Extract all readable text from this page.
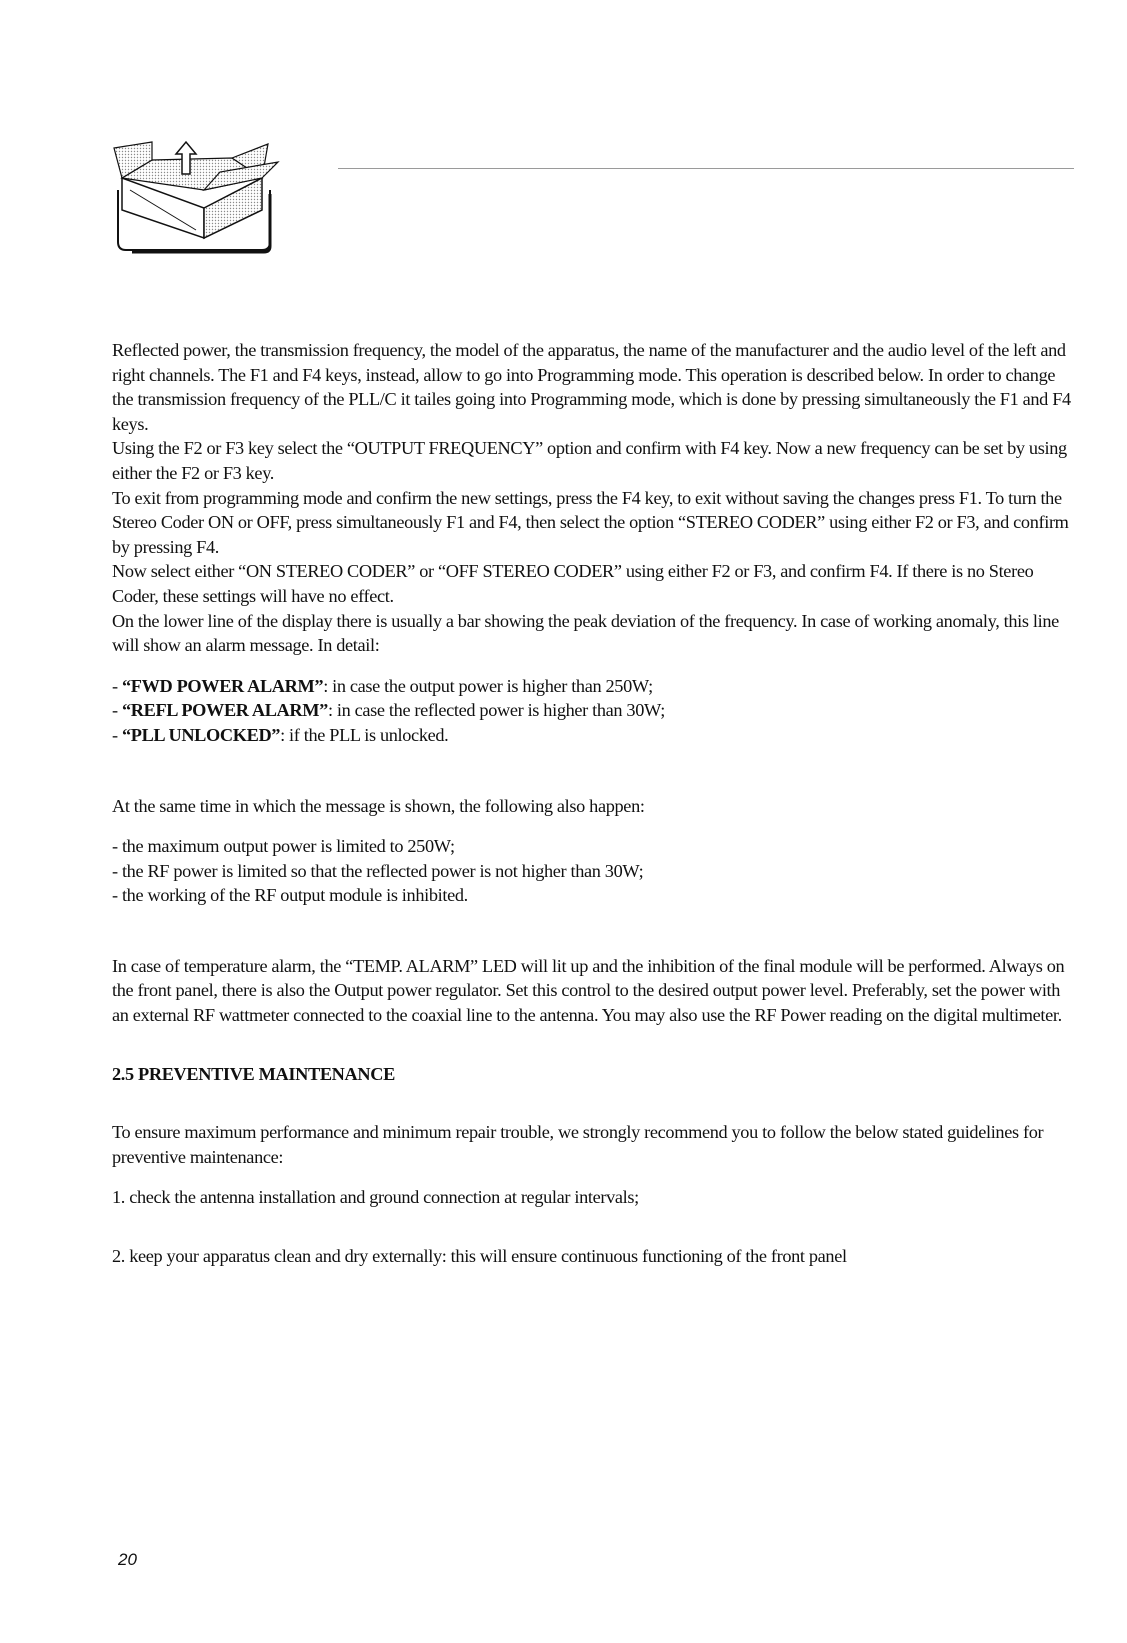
Reflected power, the transmission frequency, the model of the apparatus, the name of the manufacturer and the audio level of the left and right channels. The F1 and F4 keys, instead, allow to go into Programming mode. This operation is described below. In order to change the transmission frequency of the PLL/C it tailes going into Programming mode, which is done by pressing simultaneously the F1 and F4 keys.

Using the F2 or F3 key select the “OUTPUT FREQUENCY” option and confirm with F4 key. Now a new frequency can be set by using either the F2 or F3 key.

To exit from programming mode and confirm the new settings, press the F4 key, to exit without saving the changes press F1. To turn the Stereo Coder ON or OFF, press simultaneously F1 and F4, then select the option “STEREO CODER” using either F2 or F3, and confirm by pressing F4.

Now select either “ON STEREO CODER” or “OFF STEREO CODER” using either F2 or F3, and confirm F4. If there is no Stereo Coder, these settings will have no effect.

On the lower line of the display there is usually a bar showing the peak deviation of the frequency. In case of working anomaly, this line will show an alarm message. In detail:

- “FWD POWER ALARM”: in case the output power is higher than 250W;

- “REFL POWER ALARM”: in case the reflected power is higher than 30W;

- “PLL UNLOCKED”: if the PLL is unlocked.

At the same time in which the message is shown, the following also happen:

- the maximum output power is limited to 250W;

- the RF power is limited so that the reflected power is not higher than 30W;

- the working of the RF output module is inhibited.

In case of temperature alarm, the “TEMP. ALARM” LED will lit up and the inhibition of the final module will be performed. Always on the front panel, there is also the Output power regulator. Set this control to the desired output power level. Preferably, set the power with an external RF wattmeter connected to the coaxial line to the antenna. You may also use the RF Power reading on the digital multimeter.

2.5 PREVENTIVE MAINTENANCE

To ensure maximum performance and minimum repair trouble, we strongly recommend you to follow the below stated guidelines for preventive maintenance:

1. check the antenna installation and ground connection at regular intervals;

2. keep your apparatus clean and dry externally: this will ensure continuous functioning of the front panel

20
